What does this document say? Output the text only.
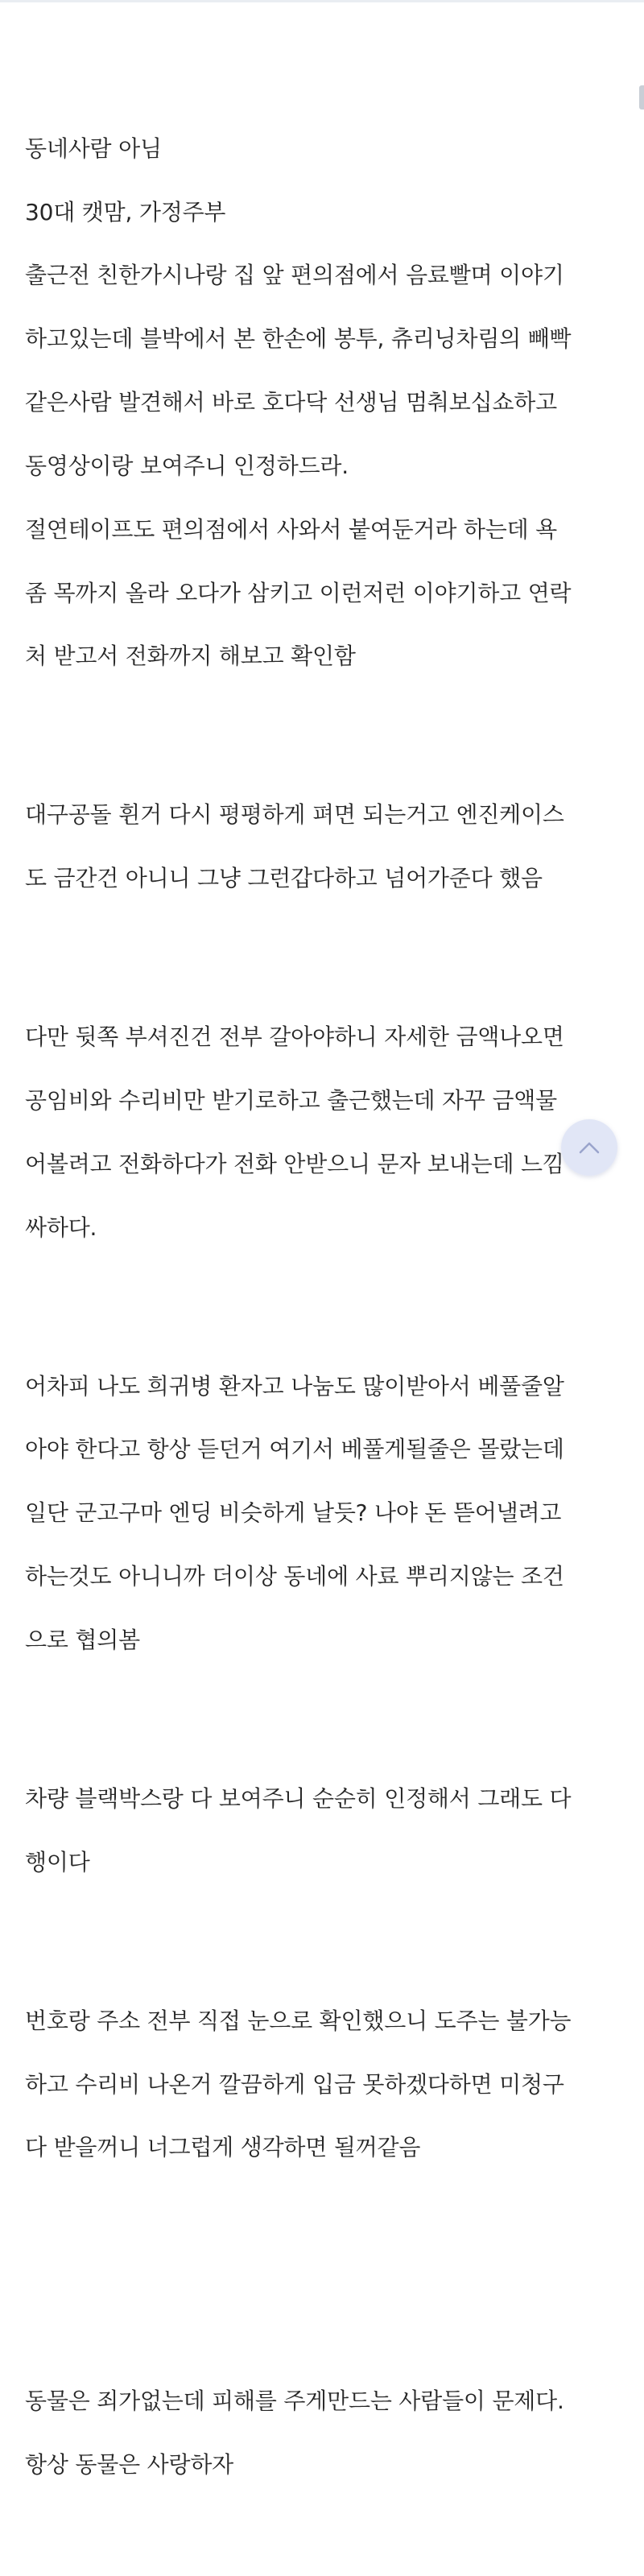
동네사람 아님

30대 캣맘, 가정주부

출근전 친한가시나랑 집 앞 편의점에서 음료빨며 이야기

하고있는데 블박에서 본 한손에 봉투, 츄리닝차림의 빼빡

같은사람 발견해서 바로 호다닥 선생님 멈춰보십쇼하고

동영상이랑 보여주니 인정하드라.

절연테이프도 편의점에서 사와서 붙여둔거라 하는데 욕

좀 목까지 올라 오다가 삼키고 이런저런 이야기하고 연락

처 받고서 전화까지 해보고 확인함

대구공돌 휜거 다시 평평하게 펴면 되는거고 엔진케이스

도 금간건 아니니 그냥 그런갑다하고 넘어가준다 했음

다만 뒷쪽 부셔진건 전부 갈아야하니 자세한 금액나오면

공임비와 수리비만 받기로하고 출근했는데 자꾸 금액물

어볼려고 전화하다가 전화 안받으니 문자 보내는데 느낌

싸하다.

어차피 나도 희귀병 환자고 나눔도 많이받아서 베풀줄알

아야 한다고 항상 듣던거 여기서 베풀게될줄은 몰랐는데

일단 군고구마 엔딩 비슷하게 날듯? 나야 돈 뜯어낼려고

하는것도 아니니까 더이상 동네에 사료 뿌리지않는 조건

으로 협의봄

차량 블랙박스랑 다 보여주니 순순히 인정해서 그래도 다

행이다

번호랑 주소 전부 직접 눈으로 확인했으니 도주는 불가능

하고 수리비 나온거 깔끔하게 입금 못하겠다하면 미청구

다 받을꺼니 너그럽게 생각하면 될꺼같음

동물은 죄가없는데 피해를 주게만드는 사람들이 문제다.

항상 동물은 사랑하자
